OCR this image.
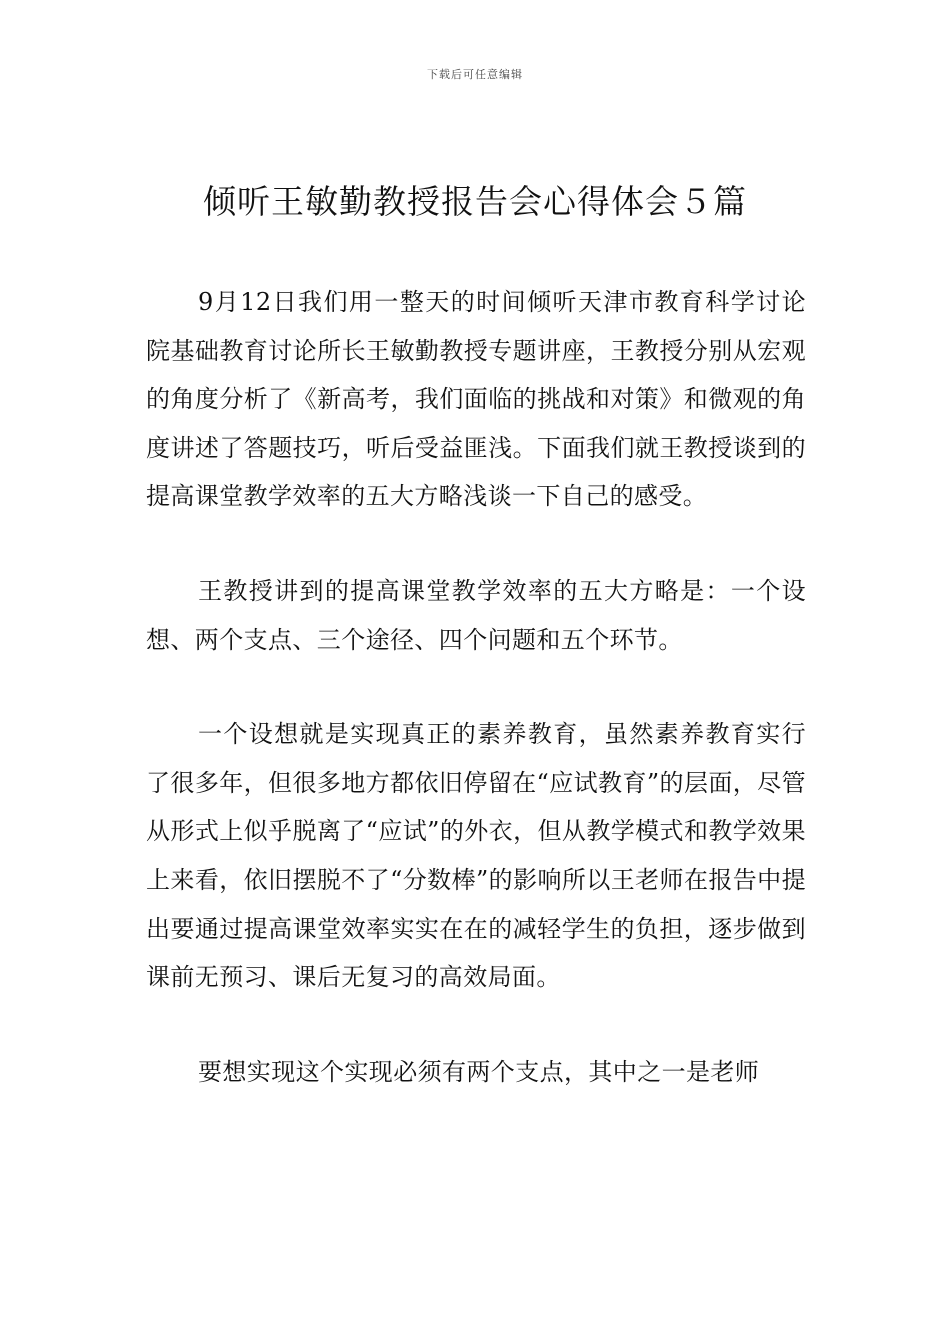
下载后可任意编辑
倾听王敏勤教授报告会心得体会５篇

9月12日我们用一整天的时间倾听天津市教育科学讨论院基础教育讨论所长王敏勤教授专题讲座，王教授分别从宏观的角度分析了《新高考，我们面临的挑战和对策》和微观的角度讲述了答题技巧，听后受益匪浅。下面我们就王教授谈到的提高课堂教学效率的五大方略浅谈一下自己的感受。

王教授讲到的提高课堂教学效率的五大方略是：一个设想、两个支点、三个途径、四个问题和五个环节。

一个设想就是实现真正的素养教育，虽然素养教育实行了很多年，但很多地方都依旧停留在“应试教育”的层面，尽管从形式上似乎脱离了“应试”的外衣，但从教学模式和教学效果上来看，依旧摆脱不了“分数棒”的影响所以王老师在报告中提出要通过提高课堂效率实实在在的减轻学生的负担，逐步做到课前无预习、课后无复习的高效局面。

要想实现这个实现必须有两个支点，其中之一是老师
